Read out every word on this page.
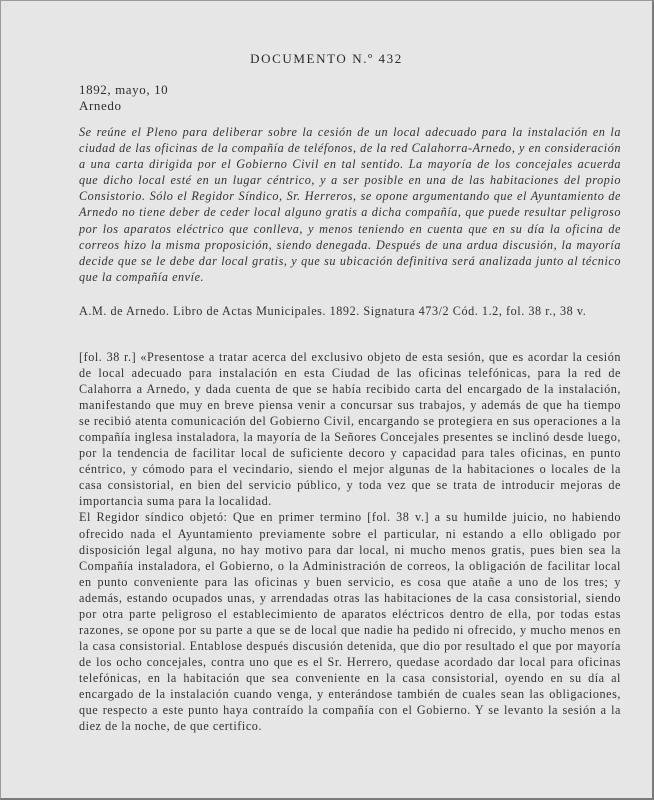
DOCUMENTO N.º 432
1892, mayo, 10
Arnedo

Se reúne el Pleno para deliberar sobre la cesión de un local adecuado para la instalación en la ciudad de las oficinas de la compañía de teléfonos, de la red Calahorra-Arnedo, y en consideración a una carta dirigida por el Gobierno Civil en tal sentido. La mayoría de los concejales acuerda que dicho local esté en un lugar céntrico, y a ser posible en una de las habitaciones del propio Consistorio. Sólo el Regidor Síndico, Sr. Herreros, se opone argumentando que el Ayuntamiento de Arnedo no tiene deber de ceder local alguno gratis a dicha compañía, que puede resultar peligroso por los aparatos eléctrico que conlleva, y menos teniendo en cuenta que en su día la oficina de correos hizo la misma proposición, siendo denegada. Después de una ardua discusión, la mayoría decide que se le debe dar local gratis, y que su ubicación definitiva será analizada junto al técnico que la compañía envíe.

A.M. de Arnedo. Libro de Actas Municipales. 1892. Signatura 473/2 Cód. 1.2, fol. 38 r., 38 v.

[fol. 38 r.] «Presentose a tratar acerca del exclusivo objeto de esta sesión, que es acordar la cesión de local adecuado para instalación en esta Ciudad de las oficinas telefónicas, para la red de Calahorra a Arnedo, y dada cuenta de que se había recibido carta del encargado de la instalación, manifestando que muy en breve piensa venir a concursar sus trabajos, y además de que ha tiempo se recibió atenta comunicación del Gobierno Civil, encargando se protegiera en sus operaciones a la compañía inglesa instaladora, la mayoría de la Señores Concejales presentes se inclinó desde luego, por la tendencia de facilitar local de suficiente decoro y capacidad para tales oficinas, en punto céntrico, y cómodo para el vecindario, siendo el mejor algunas de la habitaciones o locales de la casa consistorial, en bien del servicio público, y toda vez que se trata de introducir mejoras de importancia suma para la localidad.

El Regidor síndico objetó: Que en primer termino [fol. 38 v.] a su humilde juicio, no habiendo ofrecido nada el Ayuntamiento previamente sobre el particular, ni estando a ello obligado por disposición legal alguna, no hay motivo para dar local, ni mucho menos gratis, pues bien sea la Compañía instaladora, el Gobierno, o la Administración de correos, la obligación de facilitar local en punto conveniente para las oficinas y buen servicio, es cosa que atañe a uno de los tres; y además, estando ocupados unas, y arrendadas otras las habitaciones de la casa consistorial, siendo por otra parte peligroso el establecimiento de aparatos eléctricos dentro de ella, por todas estas razones, se opone por su parte a que se de local que nadie ha pedido ni ofrecido, y mucho menos en la casa consistorial. Entablose después discusión detenida, que dio por resultado el que por mayoría de los ocho concejales, contra uno que es el Sr. Herrero, quedase acordado dar local para oficinas telefónicas, en la habitación que sea conveniente en la casa consistorial, oyendo en su día al encargado de la instalación cuando venga, y enterándose también de cuales sean las obligaciones, que respecto a este punto haya contraído la compañía con el Gobierno. Y se levanto la sesión a la diez de la noche, de que certifico.
